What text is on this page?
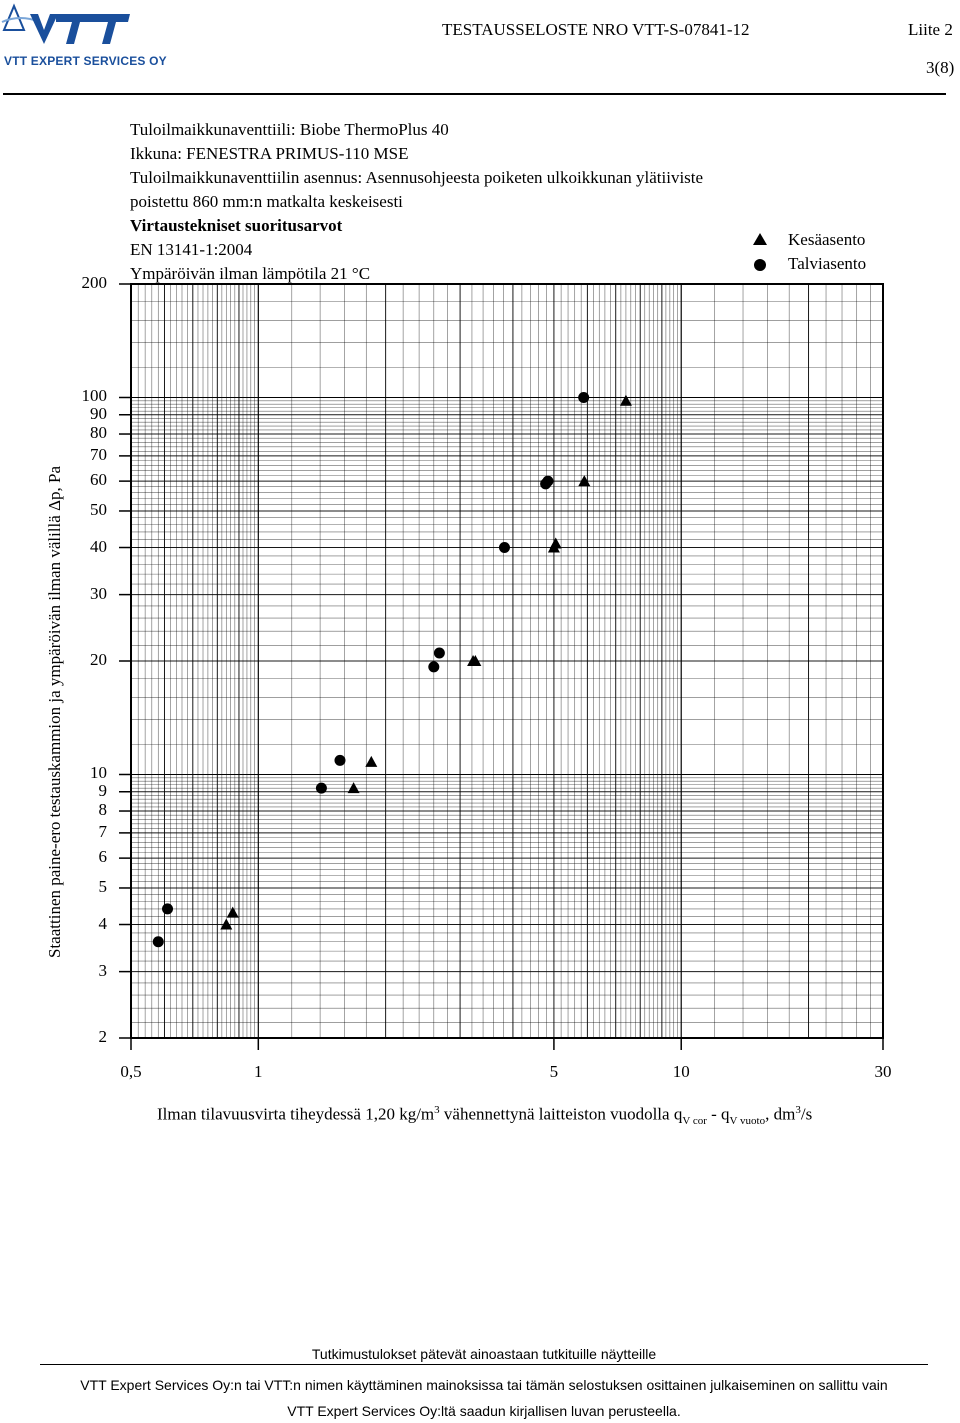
VTT EXPERT SERVICES OY
TESTAUSSELOSTE NRO VTT-S-07841-12	Liite 2
3(8)
Tuloilmaikkunaventtiili: Biobe ThermoPlus 40
Ikkuna: FENESTRA PRIMUS-110 MSE
Tuloilmaikkunaventtiilin asennus: Asennusohjeesta poiketen ulkoikkunan ylätiiviste
poistettu 860 mm:n matkalta keskeisesti
Virtaustekniset suoritusarvot
EN 13141-1:2004
Ympäröivän ilman lämpötila 21 °C
Kesäasento
Talviasento
2
3
4
5
6
7
8
9
10
20
30
40
50
60
70
80
90
100
200
0,5	1	5	10	30
Staattinen paine-ero testauskammion ja ympäröivän ilman välillä Δp, Pa
Ilman tilavuusvirta tiheydessä 1,20 $kg/m^3$ vähennettynä laitteiston vuodolla $q_{V cor} - q_{V vuoto}$, $dm^3/s$
Tutkimustulokset pätevät ainoastaan tutkituille näytteille
VTT Expert Services Oy:n tai VTT:n nimen käyttäminen mainoksissa tai tämän selostuksen osittainen julkaiseminen on sallittu vain
VTT Expert Services Oy:ltä saadun kirjallisen luvan perusteella.
